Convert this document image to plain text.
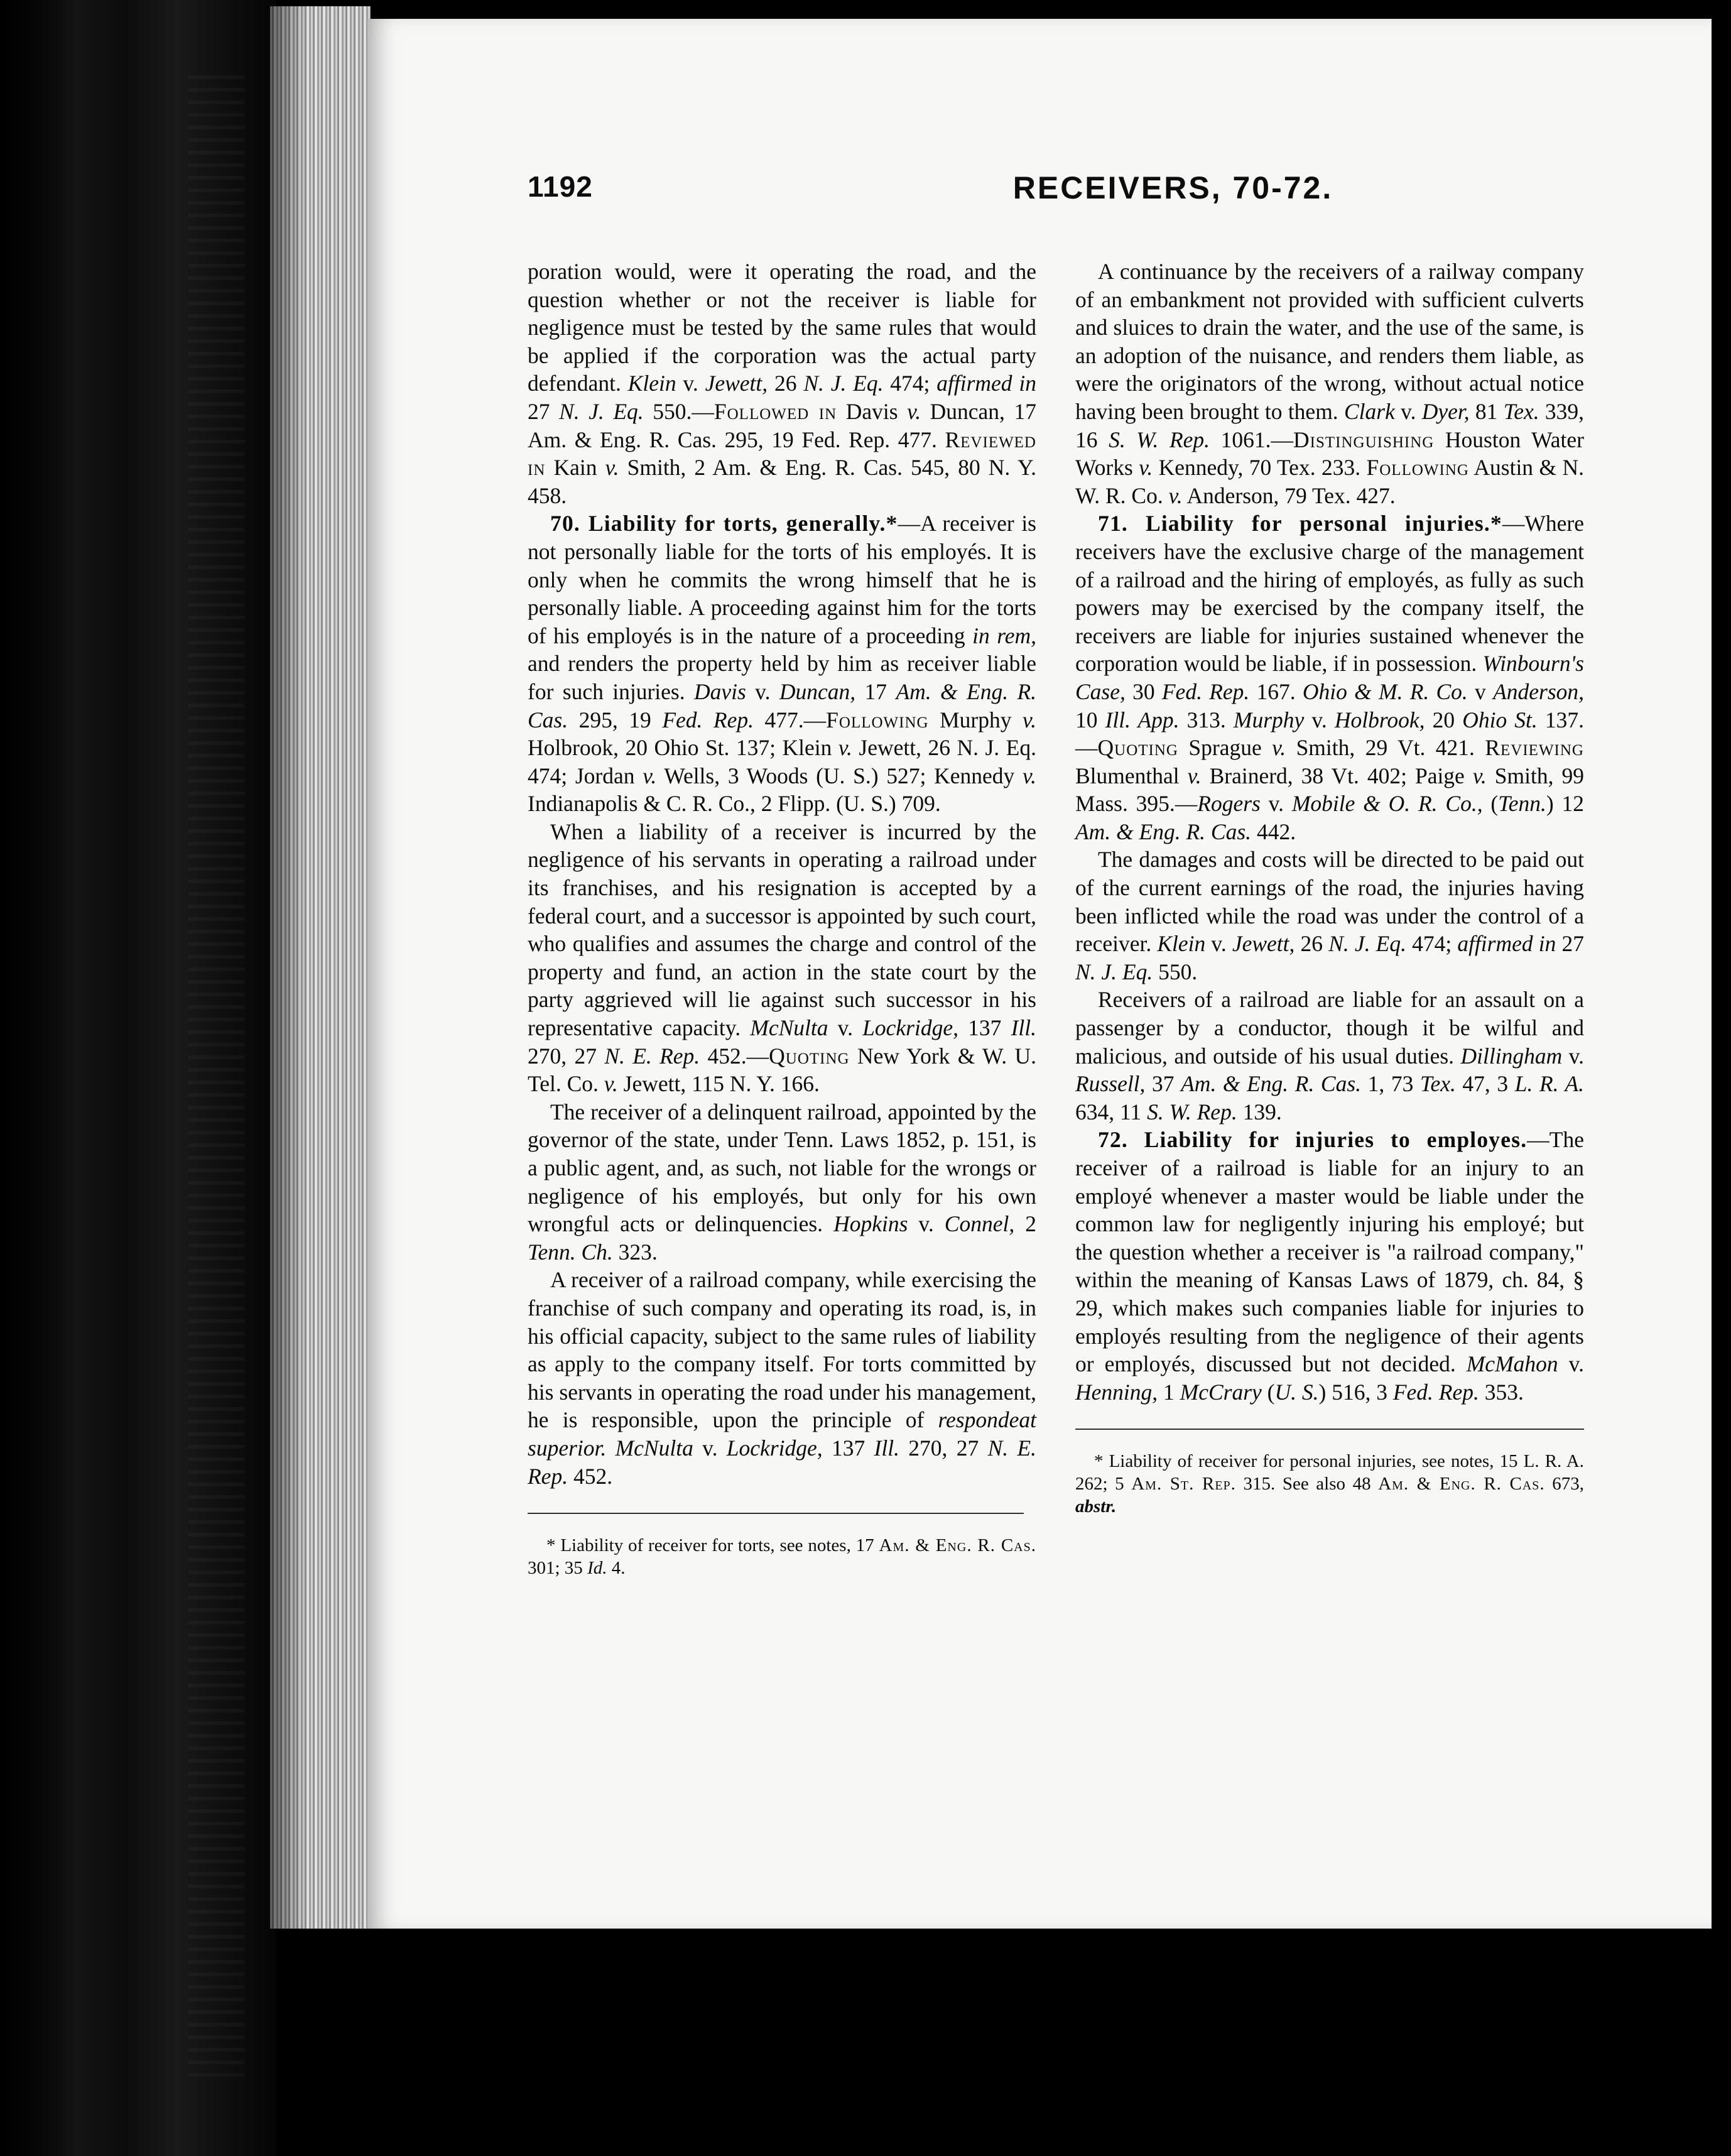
1192	RECEIVERS, 70-72.

poration would, were it operating the road, and the question whether or not the receiver is liable for negligence must be tested by the same rules that would be applied if the corporation was the actual party defendant. Klein v. Jewett, 26 N. J. Eq. 474; affirmed in 27 N. J. Eq. 550.—Followed in Davis v. Duncan, 17 Am. & Eng. R. Cas. 295, 19 Fed. Rep. 477. Reviewed in Kain v. Smith, 2 Am. & Eng. R. Cas. 545, 80 N. Y. 458.

70. Liability for torts, generally.*—A receiver is not personally liable for the torts of his employés. It is only when he commits the wrong himself that he is personally liable. A proceeding against him for the torts of his employés is in the nature of a proceeding in rem, and renders the property held by him as receiver liable for such injuries. Davis v. Duncan, 17 Am. & Eng. R. Cas. 295, 19 Fed. Rep. 477.—Following Murphy v. Holbrook, 20 Ohio St. 137; Klein v. Jewett, 26 N. J. Eq. 474; Jordan v. Wells, 3 Woods (U. S.) 527; Kennedy v. Indianapolis & C. R. Co., 2 Flipp. (U. S.) 709.

When a liability of a receiver is incurred by the negligence of his servants in operating a railroad under its franchises, and his resignation is accepted by a federal court, and a successor is appointed by such court, who qualifies and assumes the charge and control of the property and fund, an action in the state court by the party aggrieved will lie against such successor in his representative capacity. McNulta v. Lockridge, 137 Ill. 270, 27 N. E. Rep. 452.—Quoting New York & W. U. Tel. Co. v. Jewett, 115 N. Y. 166.

The receiver of a delinquent railroad, appointed by the governor of the state, under Tenn. Laws 1852, p. 151, is a public agent, and, as such, not liable for the wrongs or negligence of his employés, but only for his own wrongful acts or delinquencies. Hopkins v. Connel, 2 Tenn. Ch. 323.

A receiver of a railroad company, while exercising the franchise of such company and operating its road, is, in his official capacity, subject to the same rules of liability as apply to the company itself. For torts committed by his servants in operating the road under his management, he is responsible, upon the principle of respondeat superior. McNulta v. Lockridge, 137 Ill. 270, 27 N. E. Rep. 452.

* Liability of receiver for torts, see notes, 17 Am. & Eng. R. Cas. 301; 35 Id. 4.

A continuance by the receivers of a railway company of an embankment not provided with sufficient culverts and sluices to drain the water, and the use of the same, is an adoption of the nuisance, and renders them liable, as were the originators of the wrong, without actual notice having been brought to them. Clark v. Dyer, 81 Tex. 339, 16 S. W. Rep. 1061.—Distinguishing Houston Water Works v. Kennedy, 70 Tex. 233. Following Austin & N. W. R. Co. v. Anderson, 79 Tex. 427.

71. Liability for personal injuries.*—Where receivers have the exclusive charge of the management of a railroad and the hiring of employés, as fully as such powers may be exercised by the company itself, the receivers are liable for injuries sustained whenever the corporation would be liable, if in possession. Winbourn's Case, 30 Fed. Rep. 167. Ohio & M. R. Co. v Anderson, 10 Ill. App. 313. Murphy v. Holbrook, 20 Ohio St. 137.—Quoting Sprague v. Smith, 29 Vt. 421. Reviewing Blumenthal v. Brainerd, 38 Vt. 402; Paige v. Smith, 99 Mass. 395.—Rogers v. Mobile & O. R. Co., (Tenn.) 12 Am. & Eng. R. Cas. 442.

The damages and costs will be directed to be paid out of the current earnings of the road, the injuries having been inflicted while the road was under the control of a receiver. Klein v. Jewett, 26 N. J. Eq. 474; affirmed in 27 N. J. Eq. 550.

Receivers of a railroad are liable for an assault on a passenger by a conductor, though it be wilful and malicious, and outside of his usual duties. Dillingham v. Russell, 37 Am. & Eng. R. Cas. 1, 73 Tex. 47, 3 L. R. A. 634, 11 S. W. Rep. 139.

72. Liability for injuries to employes.—The receiver of a railroad is liable for an injury to an employé whenever a master would be liable under the common law for negligently injuring his employé; but the question whether a receiver is "a railroad company," within the meaning of Kansas Laws of 1879, ch. 84, § 29, which makes such companies liable for injuries to employés resulting from the negligence of their agents or employés, discussed but not decided. McMahon v. Henning, 1 McCrary (U. S.) 516, 3 Fed. Rep. 353.

* Liability of receiver for personal injuries, see notes, 15 L. R. A. 262; 5 Am. St. Rep. 315. See also 48 Am. & Eng. R. Cas. 673, abstr.
